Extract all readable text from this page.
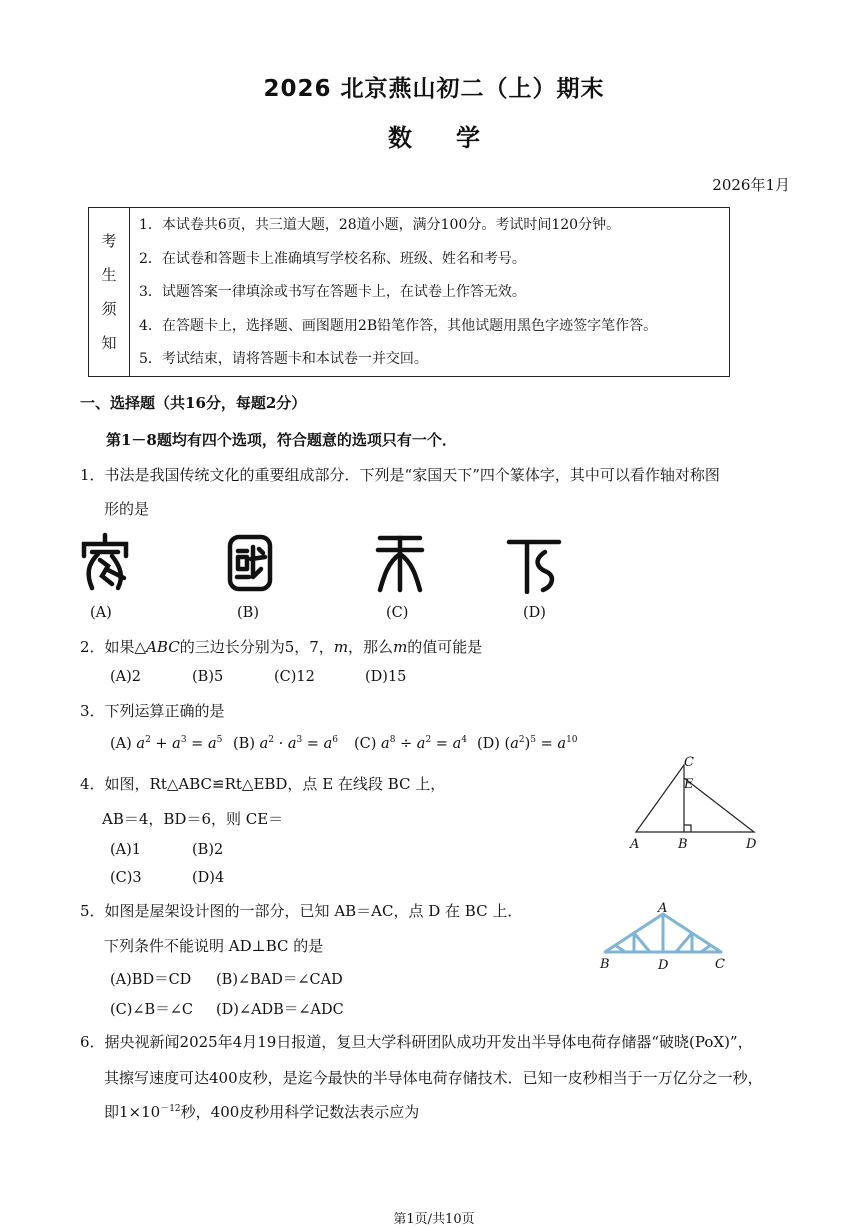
2026 北京燕山初二（上）期末
数学
2026年1月
考
生
须
知
1．本试卷共6页，共三道大题，28道小题，满分100分。考试时间120分钟。
2．在试卷和答题卡上准确填写学校名称、班级、姓名和考号。
3．试题答案一律填涂或书写在答题卡上，在试卷上作答无效。
4．在答题卡上，选择题、画图题用2B铅笔作答，其他试题用黑色字迹签字笔作答。
5．考试结束，请将答题卡和本试卷一并交回。
一、选择题（共16分，每题2分）
第1－8题均有四个选项，符合题意的选项只有一个．
1．书法是我国传统文化的重要组成部分．下列是“家国天下”四个篆体字，其中可以看作轴对称图
形的是
(A)	(B)	(C)	(D)
2．如果△ABC的三边长分别为5，7，m，那么m的值可能是
(A)2	(B)5	(C)12	(D)15
3．下列运算正确的是
(A) $a^2 + a^3 = a^5$ (B) $a^2 \cdot a^3 = a^6$ (C) $a^8 \div a^2 = a^4$ (D) $(a^2)^5 = a^{10}$
4．如图，Rt△ABC≌Rt△EBD，点 E 在线段 BC 上，
AB＝4，BD＝6，则 CE＝
(A)1	(B)2
(C)3	(D)4
C
E
A	B	D
5．如图是屋架设计图的一部分，已知 AB＝AC，点 D 在 BC 上．
下列条件不能说明 AD⊥BC 的是
(A)BD＝CD (B)∠BAD＝∠CAD
(C)∠B＝∠C (D)∠ADB＝∠ADC
A
B	D	C
6．据央视新闻2025年4月19日报道，复旦大学科研团队成功开发出半导体电荷存储器“破晓(PoX)”，
其擦写速度可达400皮秒，是迄今最快的半导体电荷存储技术．已知一皮秒相当于一万亿分之一秒，
即$1\times 10^{-12}$秒，400皮秒用科学记数法表示应为
第1页/共10页
